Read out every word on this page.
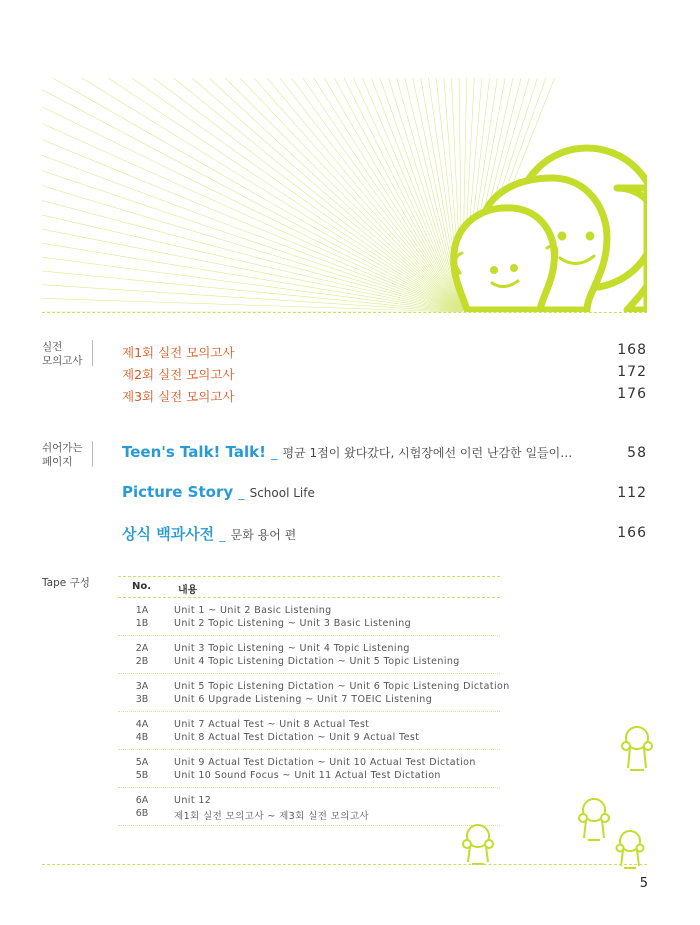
실전
모의고사
제1회 실전 모의고사	168
제2회 실전 모의고사	172
제3회 실전 모의고사	176
쉬어가는
페이지
Teen's Talk! Talk! _ 평균 1점이 왔다갔다, 시험장에선 이런 난감한 일들이…	58
Picture Story _ School Life	112
상식 백과사전 _ 문화 용어 편	166
Tape 구성	No.	내용
1A	Unit 1 ~ Unit 2 Basic Listening
1B	Unit 2 Topic Listening ~ Unit 3 Basic Listening
2A	Unit 3 Topic Listening ~ Unit 4 Topic Listening
2B	Unit 4 Topic Listening Dictation ~ Unit 5 Topic Listening
3A	Unit 5 Topic Listening Dictation ~ Unit 6 Topic Listening Dictation
3B	Unit 6 Upgrade Listening ~ Unit 7 TOEIC Listening
4A	Unit 7 Actual Test ~ Unit 8 Actual Test
4B	Unit 8 Actual Test Dictation ~ Unit 9 Actual Test
5A	Unit 9 Actual Test Dictation ~ Unit 10 Actual Test Dictation
5B	Unit 10 Sound Focus ~ Unit 11 Actual Test Dictation
6A	Unit 12
6B	제1회 실전 모의고사 ~ 제3회 실전 모의고사
5
